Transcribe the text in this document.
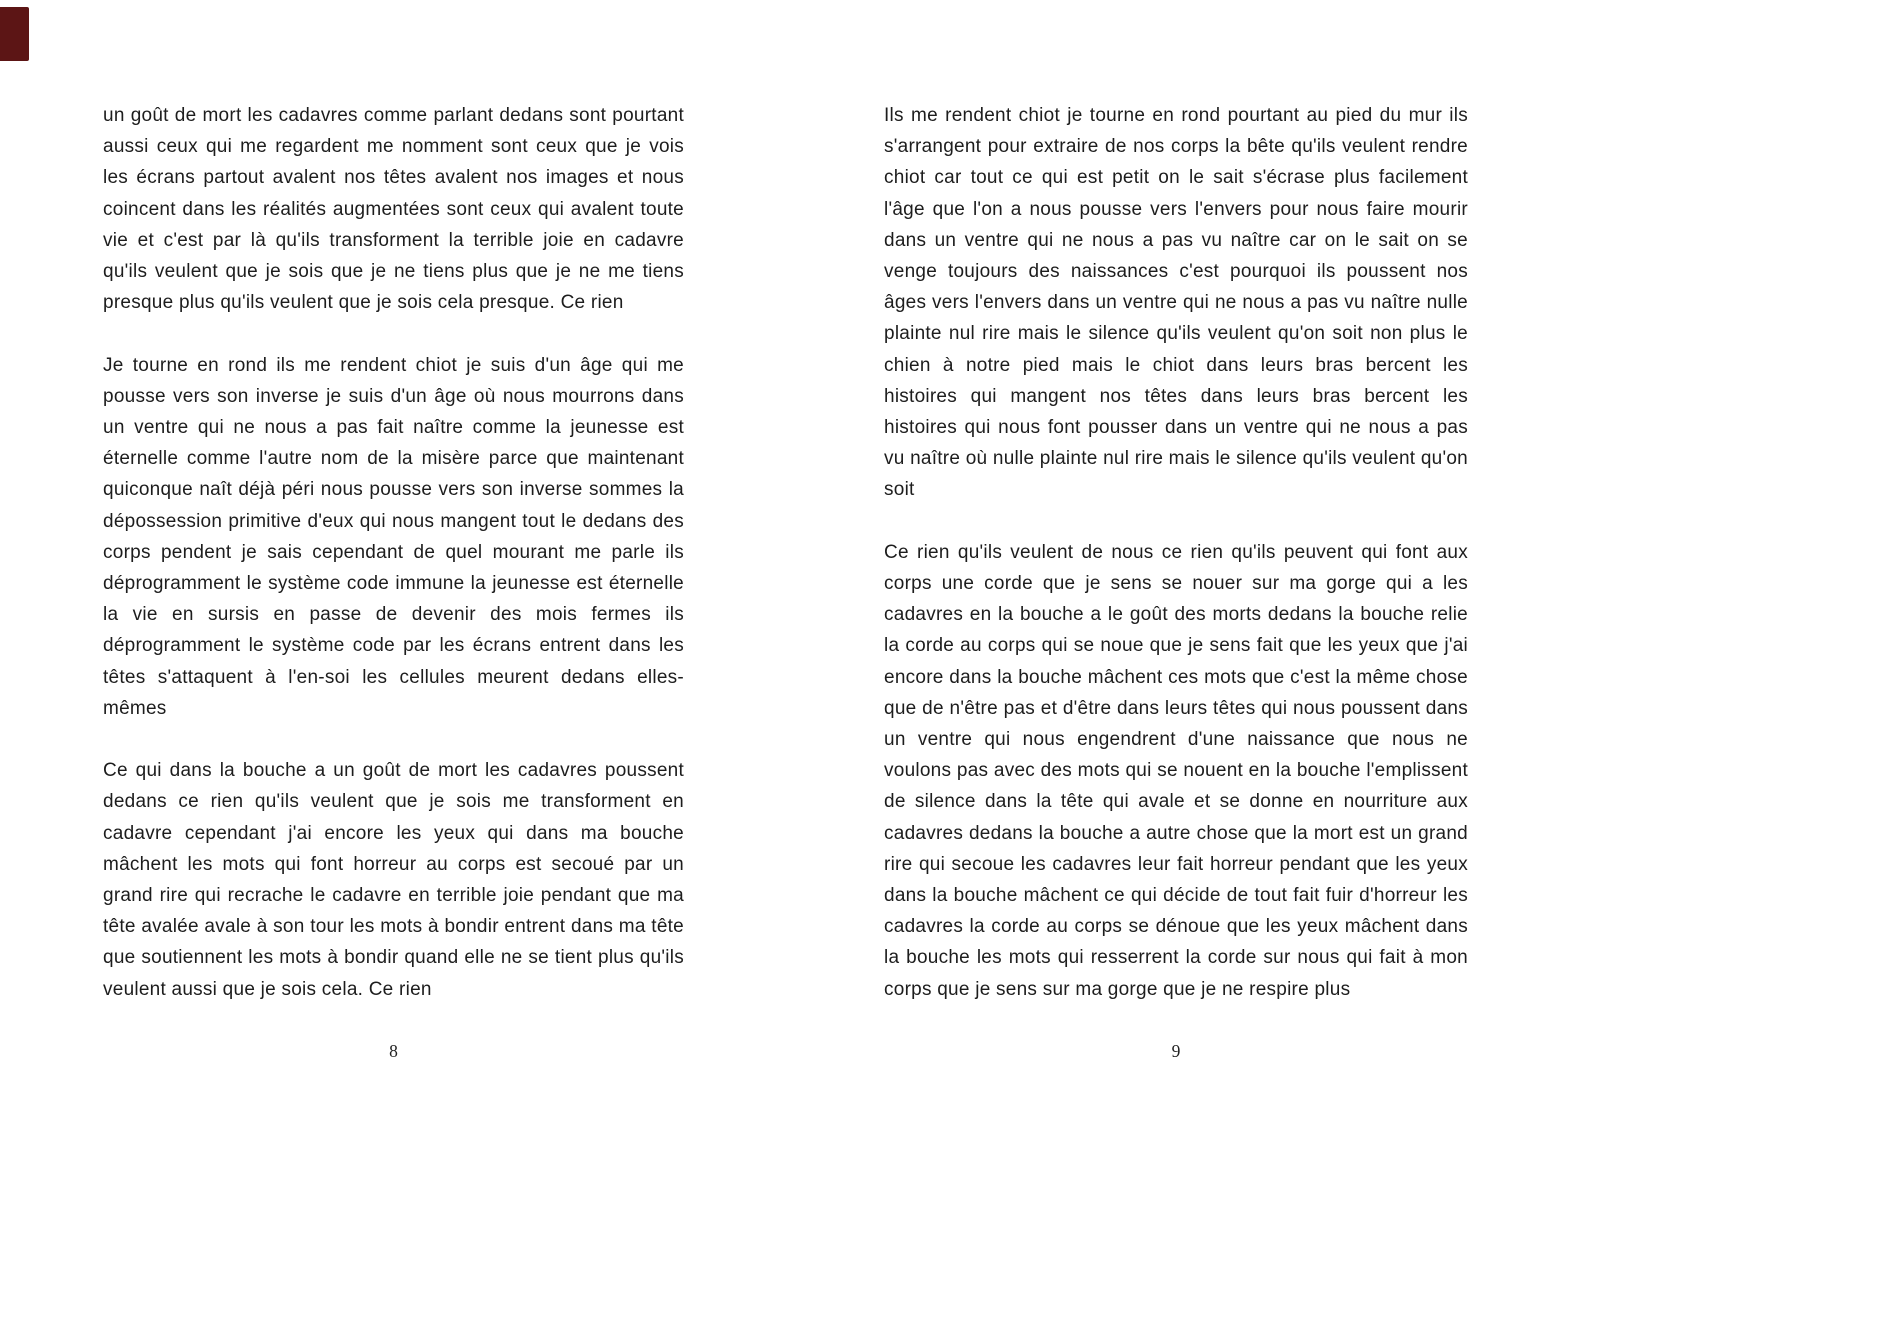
un goût de mort les cadavres comme parlant dedans sont pourtant aussi ceux qui me regardent me nomment sont ceux que je vois les écrans partout avalent nos têtes avalent nos images et nous coincent dans les réalités augmentées sont ceux qui avalent toute vie et c'est par là qu'ils transforment la terrible joie en cadavre qu'ils veulent que je sois que je ne tiens plus que je ne me tiens presque plus qu'ils veulent que je sois cela presque. Ce rien

Je tourne en rond ils me rendent chiot je suis d'un âge qui me pousse vers son inverse je suis d'un âge où nous mourrons dans un ventre qui ne nous a pas fait naître comme la jeunesse est éternelle comme l'autre nom de la misère parce que maintenant quiconque naît déjà péri nous pousse vers son inverse sommes la dépossession primitive d'eux qui nous mangent tout le dedans des corps pendent je sais cependant de quel mourant me parle ils déprogramment le système code immune la jeunesse est éternelle la vie en sursis en passe de devenir des mois fermes ils déprogramment le système code par les écrans entrent dans les têtes s'attaquent à l'en-soi les cellules meurent dedans elles-mêmes

Ce qui dans la bouche a un goût de mort les cadavres poussent dedans ce rien qu'ils veulent que je sois me transforment en cadavre cependant j'ai encore les yeux qui dans ma bouche mâchent les mots qui font horreur au corps est secoué par un grand rire qui recrache le cadavre en terrible joie pendant que ma tête avalée avale à son tour les mots à bondir entrent dans ma tête que soutiennent les mots à bondir quand elle ne se tient plus qu'ils veulent aussi que je sois cela. Ce rien

8

Ils me rendent chiot je tourne en rond pourtant au pied du mur ils s'arrangent pour extraire de nos corps la bête qu'ils veulent rendre chiot car tout ce qui est petit on le sait s'écrase plus facilement l'âge que l'on a nous pousse vers l'envers pour nous faire mourir dans un ventre qui ne nous a pas vu naître car on le sait on se venge toujours des naissances c'est pourquoi ils poussent nos âges vers l'envers dans un ventre qui ne nous a pas vu naître nulle plainte nul rire mais le silence qu'ils veulent qu'on soit non plus le chien à notre pied mais le chiot dans leurs bras bercent les histoires qui mangent nos têtes dans leurs bras bercent les histoires qui nous font pousser dans un ventre qui ne nous a pas vu naître où nulle plainte nul rire mais le silence qu'ils veulent qu'on soit

Ce rien qu'ils veulent de nous ce rien qu'ils peuvent qui font aux corps une corde que je sens se nouer sur ma gorge qui a les cadavres en la bouche a le goût des morts dedans la bouche relie la corde au corps qui se noue que je sens fait que les yeux que j'ai encore dans la bouche mâchent ces mots que c'est la même chose que de n'être pas et d'être dans leurs têtes qui nous poussent dans un ventre qui nous engendrent d'une naissance que nous ne voulons pas avec des mots qui se nouent en la bouche l'emplissent de silence dans la tête qui avale et se donne en nourriture aux cadavres dedans la bouche a autre chose que la mort est un grand rire qui secoue les cadavres leur fait horreur pendant que les yeux dans la bouche mâchent ce qui décide de tout fait fuir d'horreur les cadavres la corde au corps se dénoue que les yeux mâchent dans la bouche les mots qui resserrent la corde sur nous qui fait à mon corps que je sens sur ma gorge que je ne respire plus

9
